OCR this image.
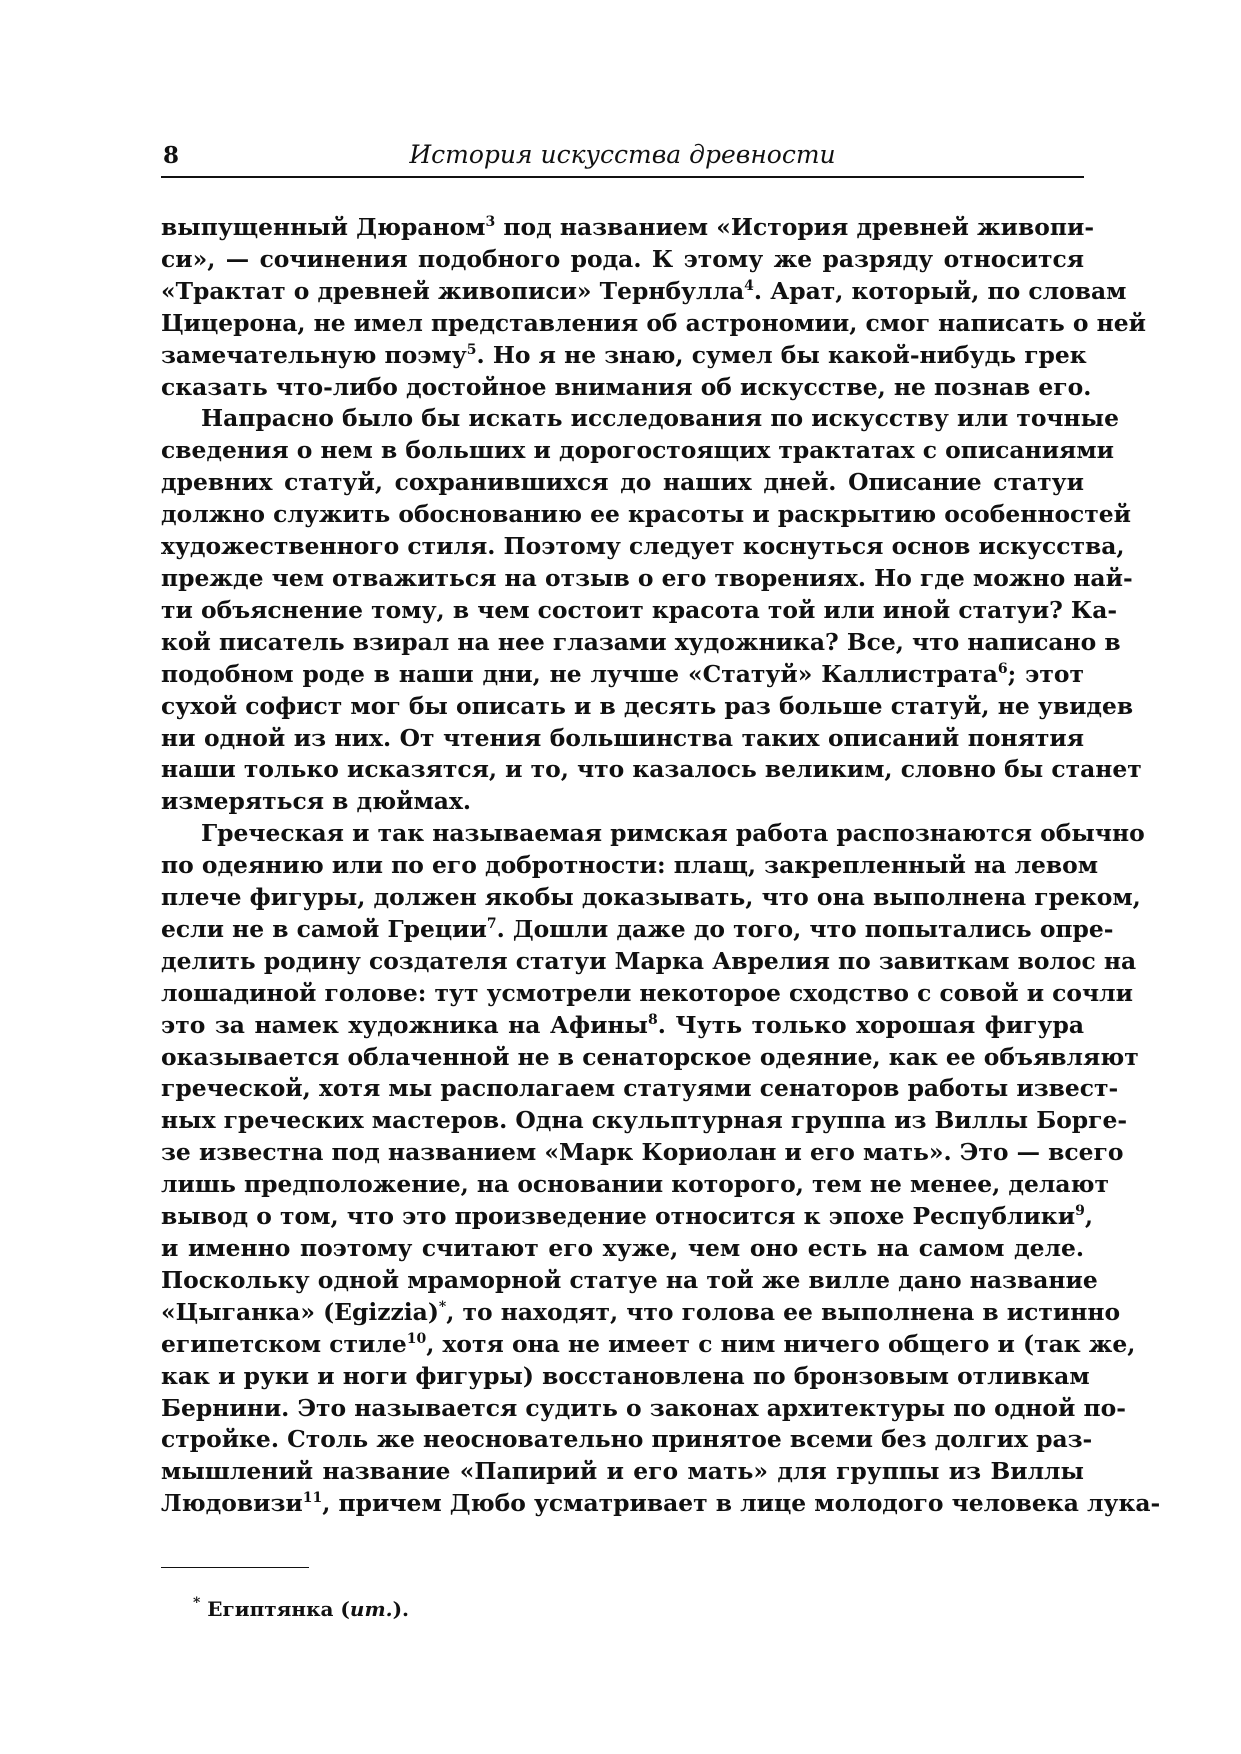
8	История искусства древности
выпущенный Дюраном$^3$ под названием «История древней живопи-
си», — сочинения подобного рода. К этому же разряду относится
«Трактат о древней живописи» Тернбулла$^4$. Арат, который, по словам
Цицерона, не имел представления об астрономии, смог написать о ней
замечательную поэму$^5$. Но я не знаю, сумел бы какой-нибудь грек
сказать что-либо достойное внимания об искусстве, не познав его.
Напрасно было бы искать исследования по искусству или точные
сведения о нем в больших и дорогостоящих трактатах с описаниями
древних статуй, сохранившихся до наших дней. Описание статуи
должно служить обоснованию ее красоты и раскрытию особенностей
художественного стиля. Поэтому следует коснуться основ искусства,
прежде чем отважиться на отзыв о его творениях. Но где можно най-
ти объяснение тому, в чем состоит красота той или иной статуи? Ка-
кой писатель взирал на нее глазами художника? Все, что написано в
подобном роде в наши дни, не лучше «Статуй» Каллистрата$^6$; этот
сухой софист мог бы описать и в десять раз больше статуй, не увидев
ни одной из них. От чтения большинства таких описаний понятия
наши только исказятся, и то, что казалось великим, словно бы станет
измеряться в дюймах.
Греческая и так называемая римская работа распознаются обычно
по одеянию или по его добротности: плащ, закрепленный на левом
плече фигуры, должен якобы доказывать, что она выполнена греком,
если не в самой Греции$^7$. Дошли даже до того, что попытались опре-
делить родину создателя статуи Марка Аврелия по завиткам волос на
лошадиной голове: тут усмотрели некоторое сходство с совой и сочли
это за намек художника на Афины$^8$. Чуть только хорошая фигура
оказывается облаченной не в сенаторское одеяние, как ее объявляют
греческой, хотя мы располагаем статуями сенаторов работы извест-
ных греческих мастеров. Одна скульптурная группа из Виллы Борге-
зе известна под названием «Марк Кориолан и его мать». Это — всего
лишь предположение, на основании которого, тем не менее, делают
вывод о том, что это произведение относится к эпохе Республики$^9$,
и именно поэтому считают его хуже, чем оно есть на самом деле.
Поскольку одной мраморной статуе на той же вилле дано название
«Цыганка» (Egizzia)*, то находят, что голова ее выполнена в истинно
египетском стиле$^{10}$, хотя она не имеет с ним ничего общего и (так же,
как и руки и ноги фигуры) восстановлена по бронзовым отливкам
Бернини. Это называется судить о законах архитектуры по одной по-
стройке. Столь же неосновательно принятое всеми без долгих раз-
мышлений название «Папирий и его мать» для группы из Виллы
Людовизи$^{11}$, причем Дюбо усматривает в лице молодого человека лука-
* Египтянка (ит.).
